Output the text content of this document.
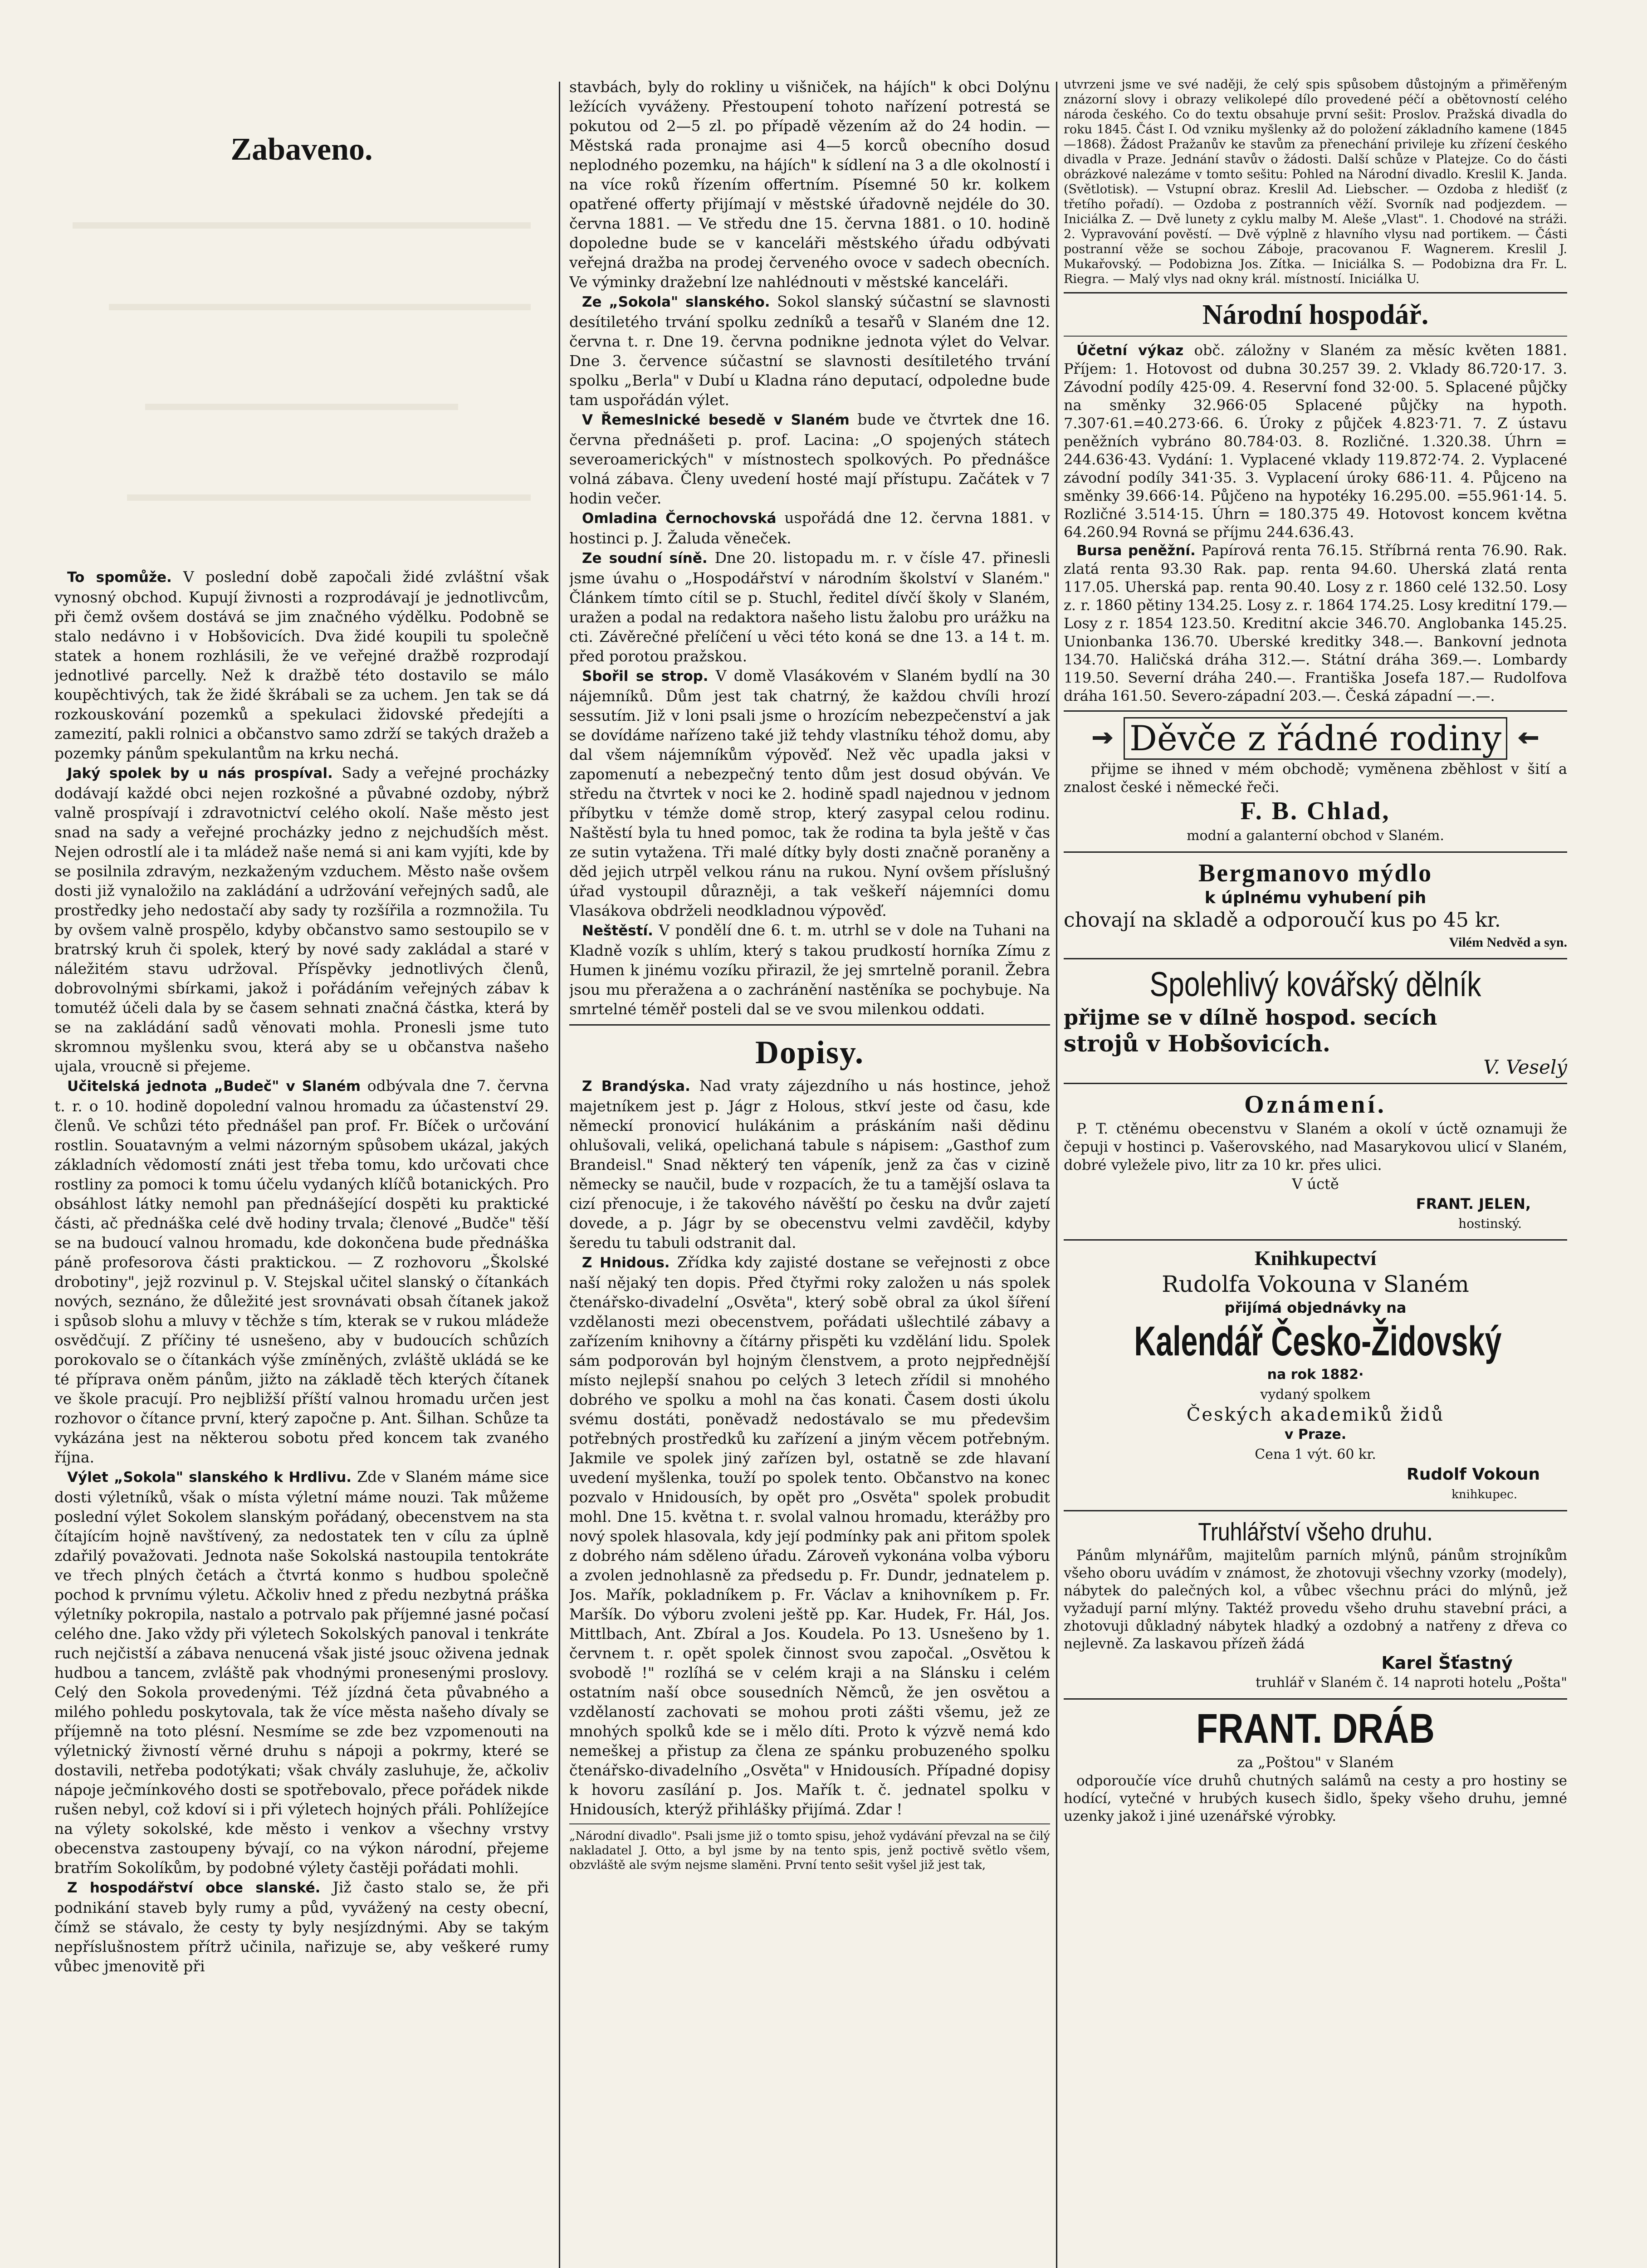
Zabaveno.

To spomůže. V poslední době započali židé zvláštní však vynosný obchod. Kupují živnosti a rozprodávají je jednotlivcům, při čemž ovšem dostává se jim značného výdělku. Podobně se stalo nedávno i v Hobšovicích. Dva židé koupili tu společně statek a honem rozhlásili, že ve veřejné dražbě rozprodají jednotlivé parcelly. Než k dražbě této dostavilo se málo koupěchtivých, tak že židé škrábali se za uchem. Jen tak se dá rozkouskování pozemků a spekulaci židovské předejíti a zamezití, pakli rolnici a občanstvo samo zdrží se takých dražeb a pozemky pánům spekulantům na krku nechá.

Jaký spolek by u nás prospíval. Sady a veřejné procházky dodávají každé obci nejen rozkošné a půvabné ozdoby, nýbrž valně prospívají i zdravotnictví celého okolí. Naše město jest snad na sady a veřejné procházky jedno z nejchudších měst. Nejen odrostlí ale i ta mládež naše nemá si ani kam vyjíti, kde by se posilnila zdravým, nezkaženým vzduchem. Město naše ovšem dosti již vynaložilo na zakládání a udržování veřejných sadů, ale prostředky jeho nedostačí aby sady ty rozšířila a rozmnožila. Tu by ovšem valně prospělo, kdyby občanstvo samo sestoupilo se v bratrský kruh či spolek, který by nové sady zakládal a staré v náležitém stavu udržoval. Příspěvky jednotlivých členů, dobrovolnými sbírkami, jakož i pořádáním veřejných zábav k tomutéž účeli dala by se časem sehnati značná částka, která by se na zakládání sadů věnovati mohla. Pronesli jsme tuto skromnou myšlenku svou, která aby se u občanstva našeho ujala, vroucně si přejeme.

Učitelská jednota „Budeč" v Slaném odbývala dne 7. června t. r. o 10. hodině dopolední valnou hromadu za účastenství 29. členů. Ve schůzi této přednášel pan prof. Fr. Bíček o určování rostlin. Souatavným a velmi názorným spůsobem ukázal, jakých základních vědomostí znáti jest třeba tomu, kdo určovati chce rostliny za pomoci k tomu účelu vydaných klíčů botanických. Pro obsáhlost látky nemohl pan přednášející dospěti ku praktické části, ač přednáška celé dvě hodiny trvala; členové „Budče" těší se na budoucí valnou hromadu, kde dokončena bude přednáška páně profesorova části praktickou. — Z rozhovoru „Školské drobotiny", jejž rozvinul p. V. Stejskal učitel slanský o čítankách nových, seznáno, že důležité jest srovnávati obsah čítanek jakož i spůsob slohu a mluvy v těchže s tím, kterak se v rukou mládeže osvědčují. Z příčiny té usnešeno, aby v budoucích schůzích porokovalo se o čítankách výše zmíněných, zvláště ukládá se ke té příprava oněm pánům, jižto na základě těch kterých čítanek ve škole pracují. Pro nejbližší příští valnou hromadu určen jest rozhovor o čítance první, který započne p. Ant. Šilhan. Schůze ta vykázána jest na některou sobotu před koncem tak zvaného října.

Výlet „Sokola" slanského k Hrdlivu. Zde v Slaném máme sice dosti výletníků, však o místa výletní máme nouzi. Tak můžeme poslední výlet Sokolem slanským pořádaný, obecenstvem na sta čítajícím hojně navštívený, za nedostatek ten v cílu za úplně zdařilý považovati. Jednota naše Sokolská nastoupila tentokráte ve třech plných četách a čtvrtá konmo s hudbou společně pochod k prvnímu výletu. Ačkoliv hned z předu nezbytná práška výletníky pokropila, nastalo a potrvalo pak příjemné jasné počasí celého dne. Jako vždy při výletech Sokolských panoval i tenkráte ruch nejčistší a zábava nenucená však jisté jsouc oživena jednak hudbou a tancem, zvláště pak vhodnými pronesenými proslovy. Celý den Sokola provedenými. Též jízdná četa půvabného a milého pohledu poskytovala, tak že více města našeho dívaly se příjemně na toto plésní. Nesmíme se zde bez vzpomenouti na výletnický živností věrné druhu s nápoji a pokrmy, které se dostavili, netřeba podotýkati; však chvály zasluhuje, že, ačkoliv nápoje ječmínkového dosti se spotřebovalo, přece pořádek nikde rušen nebyl, což kdoví si i při výletech hojných přáli. Pohlížejíce na výlety sokolské, kde město i venkov a všechny vrstvy obecenstva zastoupeny bývají, co na výkon národní, přejeme bratřím Sokolíkům, by podobné výlety častěji pořádati mohli.

Z hospodářství obce slanské. Již často stalo se, že při podnikání staveb byly rumy a půd, vyvážený na cesty obecní, čímž se stávalo, že cesty ty byly nesjízdnými. Aby se takým nepříslušnostem přítrž učinila, nařizuje se, aby veškeré rumy vůbec jmenovitě při

stavbách, byly do rokliny u višniček, na hájích" k obci Dolýnu ležících vyváženy. Přestoupení tohoto nařízení potrestá se pokutou od 2—5 zl. po případě vězením až do 24 hodin. — Městská rada pronajme asi 4—5 korců obecního dosud neplodného pozemku, na hájích" k sídlení na 3 a dle okolností i na více roků řízením offertním. Písemné 50 kr. kolkem opatřené offerty přijímají v městské úřadovně nejdéle do 30. června 1881. — Ve středu dne 15. června 1881. o 10. hodině dopoledne bude se v kanceláři městského úřadu odbývati veřejná dražba na prodej červeného ovoce v sadech obecních. Ve výminky dražební lze nahlédnouti v městské kanceláři.

Ze „Sokola" slanského. Sokol slanský súčastní se slavnosti desítiletého trvání spolku zedníků a tesařů v Slaném dne 12. června t. r. Dne 19. června podnikne jednota výlet do Velvar. Dne 3. července súčastní se slavnosti desítiletého trvání spolku „Berla" v Dubí u Kladna ráno deputací, odpoledne bude tam uspořádán výlet.

V Řemeslnické besedě v Slaném bude ve čtvrtek dne 16. června přednášeti p. prof. Lacina: „O spojených státech severoamerických" v místnostech spolkových. Po přednášce volná zábava. Členy uvedení hosté mají přístupu. Začátek v 7 hodin večer.

Omladina Černochovská uspořádá dne 12. června 1881. v hostinci p. J. Žaluda věneček.

Ze soudní síně. Dne 20. listopadu m. r. v čísle 47. přinesli jsme úvahu o „Hospodářství v národním školství v Slaném." Článkem tímto cítil se p. Stuchl, ředitel dívčí školy v Slaném, uražen a podal na redaktora našeho listu žalobu pro urážku na cti. Závěrečné přelíčení u věci této koná se dne 13. a 14 t. m. před porotou pražskou.

Sbořil se strop. V domě Vlasákovém v Slaném bydlí na 30 nájemníků. Dům jest tak chatrný, že každou chvíli hrozí sessutím. Již v loni psali jsme o hrozícím nebezpečenství a jak se dovídáme nařízeno také již tehdy vlastníku téhož domu, aby dal všem nájemníkům výpověď. Než věc upadla jaksi v zapomenutí a nebezpečný tento dům jest dosud obýván. Ve středu na čtvrtek v noci ke 2. hodině spadl najednou v jednom příbytku v témže domě strop, který zasypal celou rodinu. Naštěstí byla tu hned pomoc, tak že rodina ta byla ještě v čas ze sutin vytažena. Tři malé dítky byly dosti značně poraněny a děd jejich utrpěl velkou ránu na rukou. Nyní ovšem příslušný úřad vystoupil důrazněji, a tak veškeří nájemníci domu Vlasákova obdrželi neodkladnou výpověď.

Neštěstí. V pondělí dne 6. t. m. utrhl se v dole na Tuhani na Kladně vozík s uhlím, který s takou prudkostí horníka Zímu z Humen k jinému vozíku přirazil, že jej smrtelně poranil. Žebra jsou mu přeražena a o zachránění nastěníka se pochybuje. Na smrtelné téměř posteli dal se ve svou milenkou oddati.

Dopisy.

Z Brandýska. Nad vraty zájezdního u nás hostince, jehož majetníkem jest p. Jágr z Holous, stkví jeste od času, kde německí pronovicí hulákánim a práskáním naši dědinu ohlušovali, veliká, opelichaná tabule s nápisem: „Gasthof zum Brandeisl." Snad některý ten vápeník, jenž za čas v cizině německy se naučil, bude v rozpacích, že tu a tamější oslava ta cizí přenocuje, i že takového návěští po česku na dvůr zajetí dovede, a p. Jágr by se obecenstvu velmi zavděčil, kdyby šeredu tu tabuli odstranit dal.

Z Hnidous. Zřídka kdy zajisté dostane se veřejnosti z obce naší nějaký ten dopis. Před čtyřmi roky založen u nás spolek čtenářsko-divadelní „Osvěta", který sobě obral za úkol šíření vzdělanosti mezi obecenstvem, pořádati ušlechtilé zábavy a zařízením knihovny a čítárny přispěti ku vzdělání lidu. Spolek sám podporován byl hojným členstvem, a proto nejpřednější místo nejlepší snahou po celých 3 letech zřídil si mnohého dobrého ve spolku a mohl na čas konati. Časem dosti úkolu svému dostáti, poněvadž nedostávalo se mu předevšim potřebných prostředků ku zařízení a jiným věcem potřebným. Jakmile ve spolek jiný zařízen byl, ostatně se zde hlavaní uvedení myšlenka, touží po spolek tento. Občanstvo na konec pozvalo v Hnidousích, by opět pro „Osvěta" spolek probudit mohl. Dne 15. května t. r. svolal valnou hromadu, kterážby pro nový spolek hlasovala, kdy její podmínky pak ani přitom spolek z dobrého nám sděleno úřadu. Zároveň vykonána volba výboru a zvolen jednohlasně za předsedu p. Fr. Dundr, jednatelem p. Jos. Mařík, pokladníkem p. Fr. Václav a knihovníkem p. Fr. Maršík. Do výboru zvoleni ještě pp. Kar. Hudek, Fr. Hál, Jos. Mittlbach, Ant. Zbíral a Jos. Koudela. Po 13. Usnešeno by 1. červnem t. r. opět spolek činnost svou započal. „Osvětou k svobodě !" rozlíhá se v celém kraji a na Slánsku i celém ostatním naší obce sousedních Němců, že jen osvětou a vzdělaností zachovati se mohou proti zášti všemu, jež ze mnohých spolků kde se i mělo díti. Proto k výzvě nemá kdo nemeškej a přistup za člena ze spánku probuzeného spolku čtenářsko-divadelního „Osvěta" v Hnidousích. Případné dopisy k hovoru zasílání p. Jos. Mařík t. č. jednatel spolku v Hnidousích, kterýž přihlášky přijímá. Zdar !

„Národní divadlo". Psali jsme již o tomto spisu, jehož vydávání převzal na se čilý nakladatel J. Otto, a byl jsme by na tento spis, jenž poctivě světlo všem, obzvláště ale svým nejsme slaměni. První tento sešit vyšel již jest tak,

utvrzeni jsme ve své naději, že celý spis spůsobem důstojným a přiměřeným znázorní slovy i obrazy velikolepé dílo provedené péčí a obětovností celého národa českého. Co do textu obsahuje první sešit: Proslov. Pražská divadla do roku 1845. Část I. Od vzniku myšlenky až do položení základního kamene (1845—1868). Žádost Pražanův ke stavům za přenechání privileje ku zřízení českého divadla v Praze. Jednání stavův o žádosti. Další schůze v Platejze. Co do části obrázkové nalezáme v tomto sešitu: Pohled na Národní divadlo. Kreslil K. Janda. (Světlotisk). — Vstupní obraz. Kreslil Ad. Liebscher. — Ozdoba z hledišť (z třetího pořadí). — Ozdoba z postranních věží. Svorník nad podjezdem. — Iniciálka Z. — Dvě lunety z cyklu malby M. Aleše „Vlast". 1. Chodové na stráži. 2. Vypravování pověstí. — Dvě výplně z hlavního vlysu nad portikem. — Části postranní věže se sochou Záboje, pracovanou F. Wagnerem. Kreslil J. Mukařovský. — Podobizna Jos. Zítka. — Iniciálka S. — Podobizna dra Fr. L. Riegra. — Malý vlys nad okny král. místností. Iniciálka U.

Národní hospodář.

Účetní výkaz obč. záložny v Slaném za měsíc květen 1881. Příjem: 1. Hotovost od dubna 30.257 39. 2. Vklady 86.720·17. 3. Závodní podíly 425·09. 4. Reservní fond 32·00. 5. Splacené půjčky na směnky 32.966·05 Splacené půjčky na hypoth. 7.307·61.=40.273·66. 6. Úroky z půjček 4.823·71. 7. Z ústavu peněžních vybráno 80.784·03. 8. Rozličné. 1.320.38. Úhrn = 244.636·43. Vydání: 1. Vyplacené vklady 119.872·74. 2. Vyplacené závodní podíly 341·35. 3. Vyplacení úroky 686·11. 4. Půjceno na směnky 39.666·14. Půjčeno na hypotéky 16.295.00. =55.961·14. 5. Rozličné 3.514·15. Úhrn = 180.375 49. Hotovost koncem května 64.260.94 Rovná se příjmu 244.636.43.

Bursa peněžní. Papírová renta 76.15. Stříbrná renta 76.90. Rak. zlatá renta 93.30 Rak. pap. renta 94.60. Uherská zlatá renta 117.05. Uherská pap. renta 90.40. Losy z r. 1860 celé 132.50. Losy z. r. 1860 pětiny 134.25. Losy z. r. 1864 174.25. Losy kreditní 179.— Losy z r. 1854 123.50. Kreditní akcie 346.70. Anglobanka 145.25. Unionbanka 136.70. Uberské kreditky 348.—. Bankovní jednota 134.70. Haličská dráha 312.—. Státní dráha 369.—. Lombardy 119.50. Severní dráha 240.—. Františka Josefa 187.— Rudolfova dráha 161.50. Severo-západní 203.—. Česká západní —.—.

Děvče z řádné rodiny

přijme se ihned v mém obchodě; vyměnena zběhlost v šití a znalost české i německé řeči.

F. B. Chlad,
modní a galanterní obchod v Slaném.
Bergmanovo mýdlo
k úplnému vyhubení pih
chovají na skladě a odporoučí kus po 45 kr.
Vilém Nedvěd a syn.
Spolehlivý kovářský dělník
přijme se v dílně hospod. secích
strojů v Hobšovicích.
V. Veselý
Oznámení.

P. T. ctěnému obecenstvu v Slaném a okolí v úctě oznamuji že čepuji v hostinci p. Vašerovského, nad Masarykovou ulicí v Slaném, dobré vyležele pivo, litr za 10 kr. přes ulici.

V úctě
FRANT. JELEN,
hostinský.
Knihkupectví
Rudolfa Vokouna v Slaném
přijímá objednávky na
Kalendář Česko-Židovský
na rok 1882·
vydaný spolkem
Českých akademiků židů
v Praze.
Cena 1 výt. 60 kr.
Rudolf Vokoun
knihkupec.
Truhlářství všeho druhu.

Pánům mlynářům, majitelům parních mlýnů, pánům strojníkům všeho oboru uvádím v známost, že zhotovuji všechny vzorky (modely), nábytek do palečných kol, a vůbec všechnu práci do mlýnů, jež vyžadují parní mlýny. Taktéž provedu všeho druhu stavební práci, a zhotovuji důkladný nábytek hladký a ozdobný a natřeny z dřeva co nejlevně. Za laskavou přízeň žádá

Karel Šťastný
truhlář v Slaném č. 14 naproti hotelu „Pošta"
FRANT. DRÁB
za „Poštou" v Slaném

odporoučíe více druhů chutných salámů na cesty a pro hostiny se hodící, vytečné v hrubých kusech šidlo, špeky všeho druhu, jemné uzenky jakož i jiné uzenářské výrobky.
